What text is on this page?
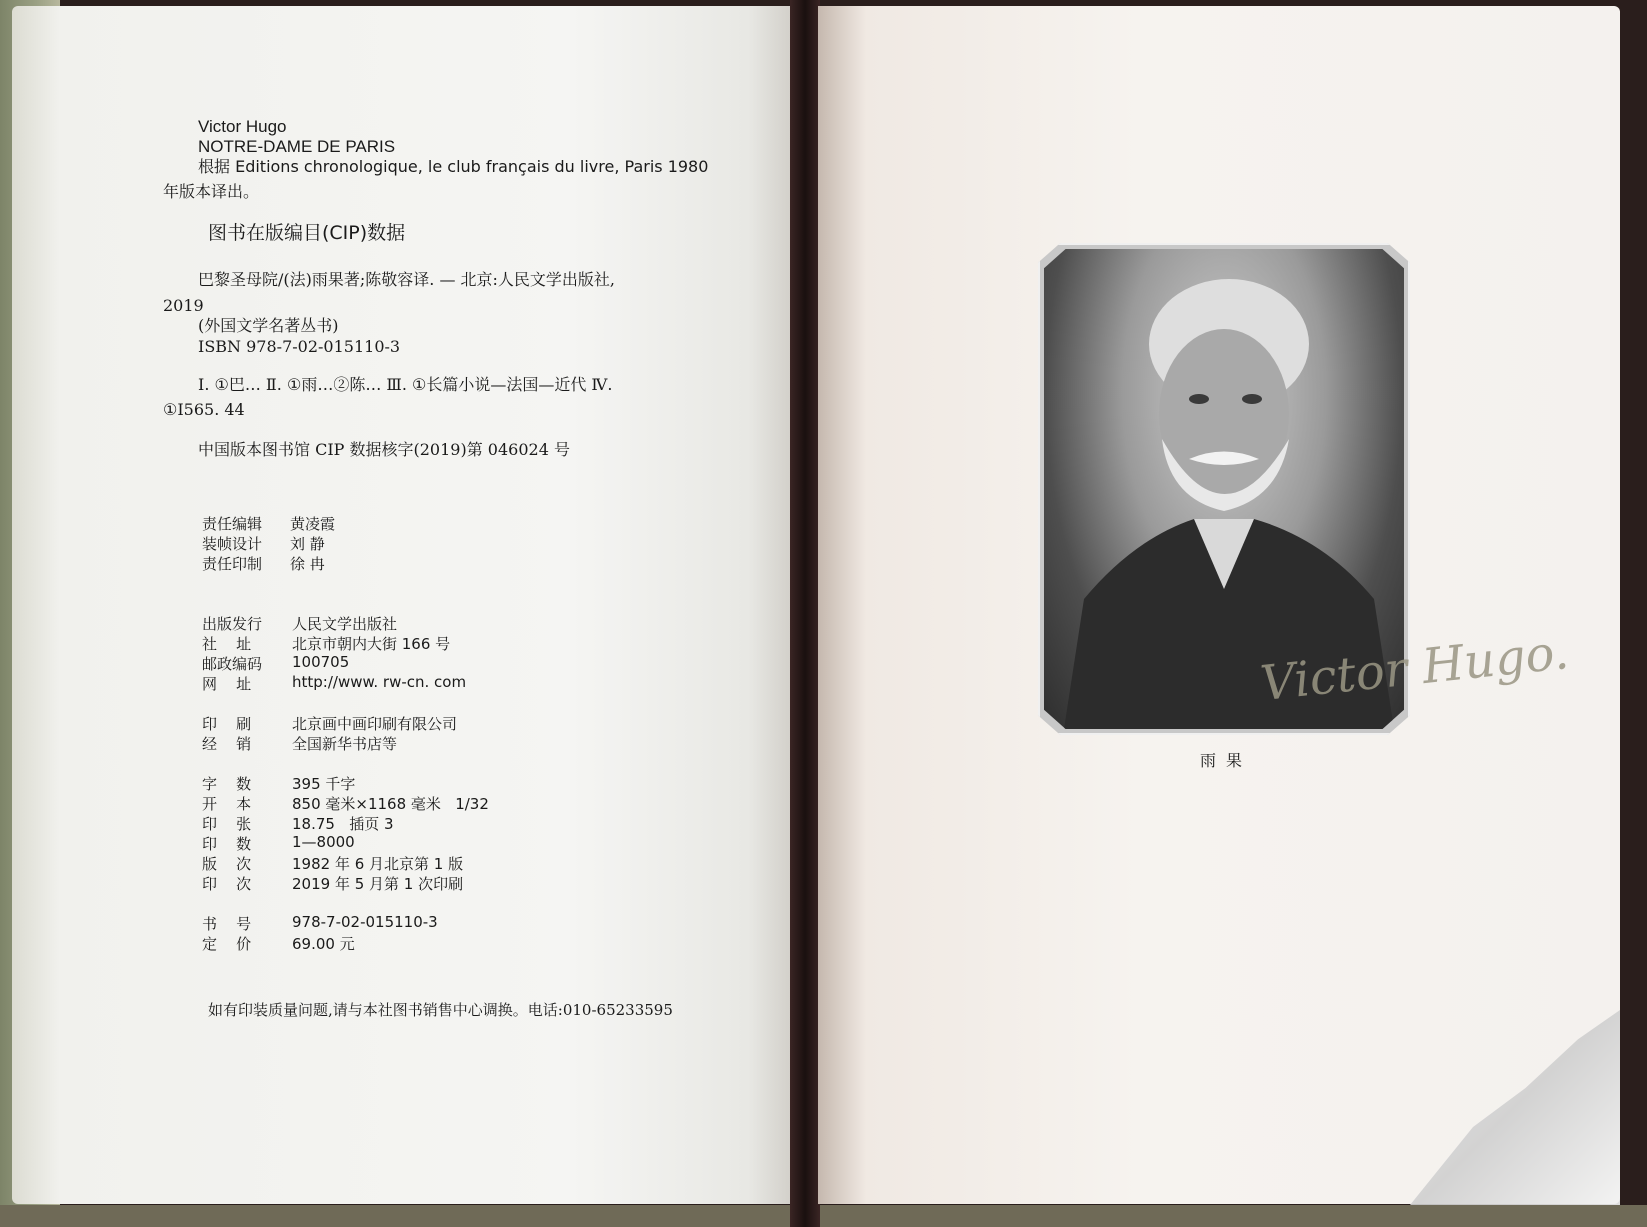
Victor Hugo
NOTRE-DAME DE PARIS
根据 Editions chronologique, le club français du livre, Paris 1980
年版本译出。
图书在版编目(CIP)数据
巴黎圣母院/(法)雨果著;陈敬容译. — 北京:人民文学出版社,
2019
(外国文学名著丛书)
ISBN 978-7-02-015110-3
Ⅰ. ①巴… Ⅱ. ①雨…②陈… Ⅲ. ①长篇小说—法国—近代 Ⅳ.
①I565. 44
中国版本图书馆 CIP 数据核字(2019)第 046024 号
责任编辑 黄凌霞
装帧设计 刘 静
责任印制 徐 冉
出版发行 人民文学出版社
社    址	北京市朝内大街 166 号
邮政编码 100705
网    址	http://www. rw-cn. com
印    刷	北京画中画印刷有限公司
经    销	全国新华书店等
字    数	395 千字
开    本	850 毫米×1168 毫米   1/32
印    张	18.75   插页 3
印    数	1—8000
版    次	1982 年 6 月北京第 1 版
印    次	2019 年 5 月第 1 次印刷
书    号	978-7-02-015110-3
定    价	69.00 元
如有印装质量问题,请与本社图书销售中心调换。电话:010-65233595
Victor Hugo.
雨果
